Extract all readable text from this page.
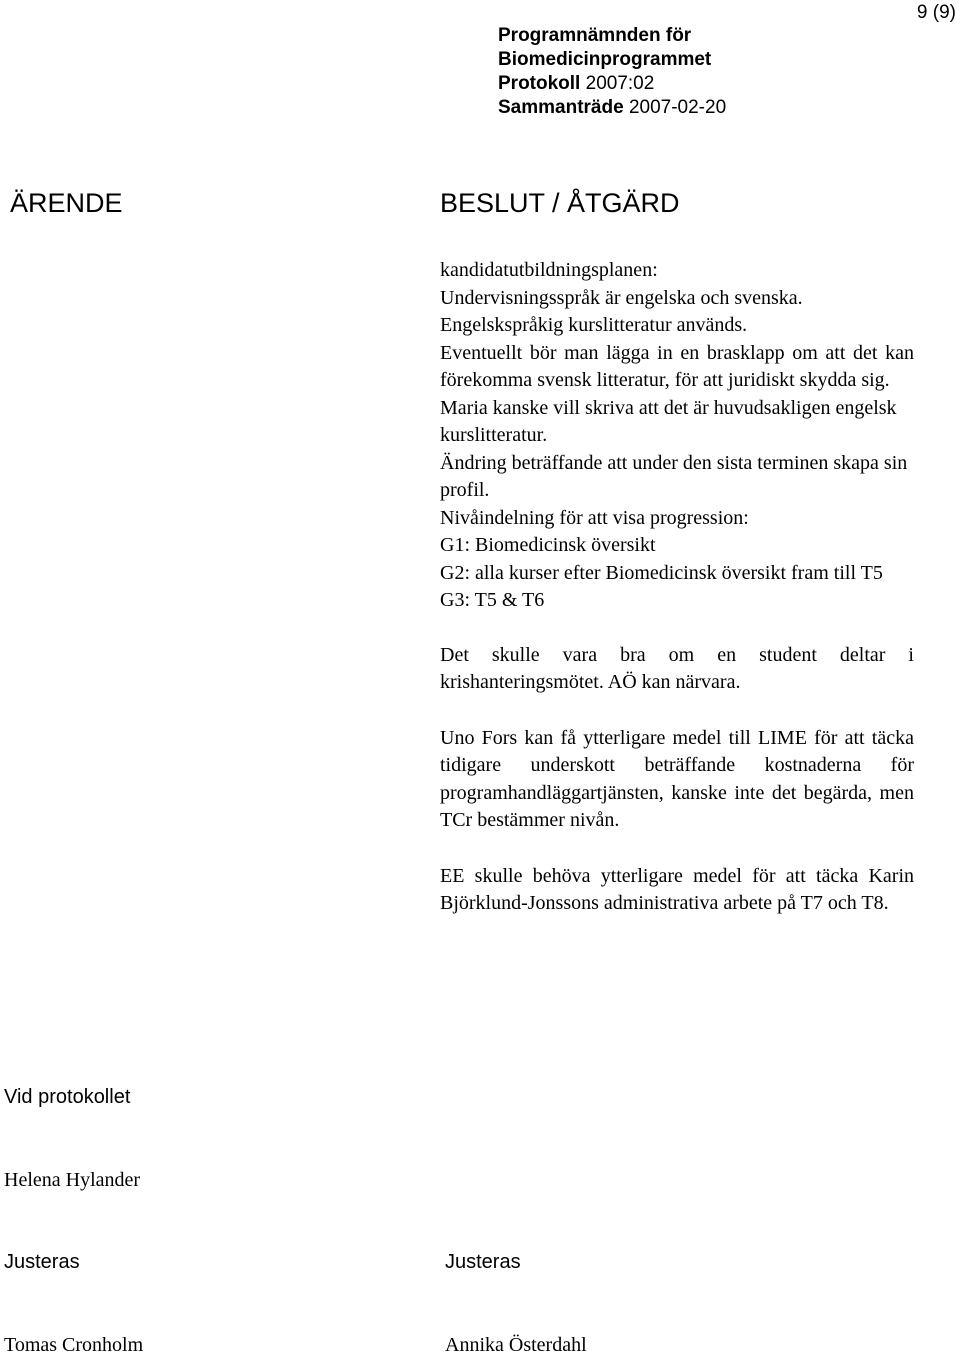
9 (9)
Programnämnden för
Biomedicinprogrammet
Protokoll 2007:02
Sammanträde 2007-02-20
ÄRENDE	BESLUT / ÅTGÄRD

kandidatutbildningsplanen:

Undervisningsspråk är engelska och svenska.

Engelskspråkig kurslitteratur används.

Eventuellt bör man lägga in en brasklapp om att det kan förekomma svensk litteratur, för att juridiskt skydda sig.

Maria kanske vill skriva att det är huvudsakligen engelsk kurslitteratur.

Ändring beträffande att under den sista terminen skapa sin profil.

Nivåindelning för att visa progression:

G1: Biomedicinsk översikt

G2: alla kurser efter Biomedicinsk översikt fram till T5

G3: T5 & T6

Det skulle vara bra om en student deltar i krishanteringsmötet. AÖ kan närvara.

Uno Fors kan få ytterligare medel till LIME för att täcka tidigare underskott beträffande kostnaderna för programhandläggartjänsten, kanske inte det begärda, men TCr bestämmer nivån.

EE skulle behöva ytterligare medel för att täcka Karin Björklund-Jonssons administrativa arbete på T7 och T8.

Vid protokollet
Helena Hylander
Justeras	Justeras
Tomas Cronholm	Annika Österdahl
